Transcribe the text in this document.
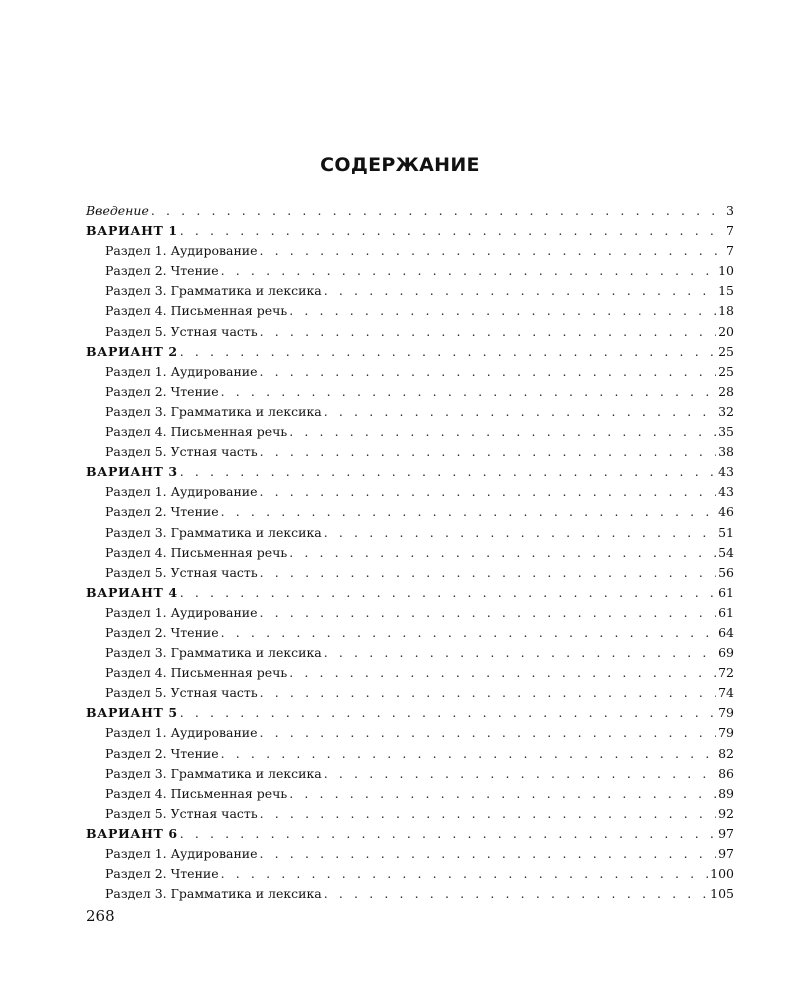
СОДЕРЖАНИЕ
Введение . . .	3
ВАРИАНТ 1 . . .	7
Раздел 1. Аудирование . . .	7
Раздел 2. Чтение . . .	10
Раздел 3. Грамматика и лексика . . .	15
Раздел 4. Письменная речь . . .	18
Раздел 5. Устная часть . . .	20
ВАРИАНТ 2 . . .	25
Раздел 1. Аудирование . . .	25
Раздел 2. Чтение . . .	28
Раздел 3. Грамматика и лексика . . .	32
Раздел 4. Письменная речь . . .	35
Раздел 5. Устная часть . . .	38
ВАРИАНТ 3 . . .	43
Раздел 1. Аудирование . . .	43
Раздел 2. Чтение . . .	46
Раздел 3. Грамматика и лексика . . .	51
Раздел 4. Письменная речь . . .	54
Раздел 5. Устная часть . . .	56
ВАРИАНТ 4 . . .	61
Раздел 1. Аудирование . . .	61
Раздел 2. Чтение . . .	64
Раздел 3. Грамматика и лексика . . .	69
Раздел 4. Письменная речь . . .	72
Раздел 5. Устная часть . . .	74
ВАРИАНТ 5 . . .	79
Раздел 1. Аудирование . . .	79
Раздел 2. Чтение . . .	82
Раздел 3. Грамматика и лексика . . .	86
Раздел 4. Письменная речь . . .	89
Раздел 5. Устная часть . . .	92
ВАРИАНТ 6 . . .	97
Раздел 1. Аудирование . . .	97
Раздел 2. Чтение . . .	100
Раздел 3. Грамматика и лексика . . .	105
268
